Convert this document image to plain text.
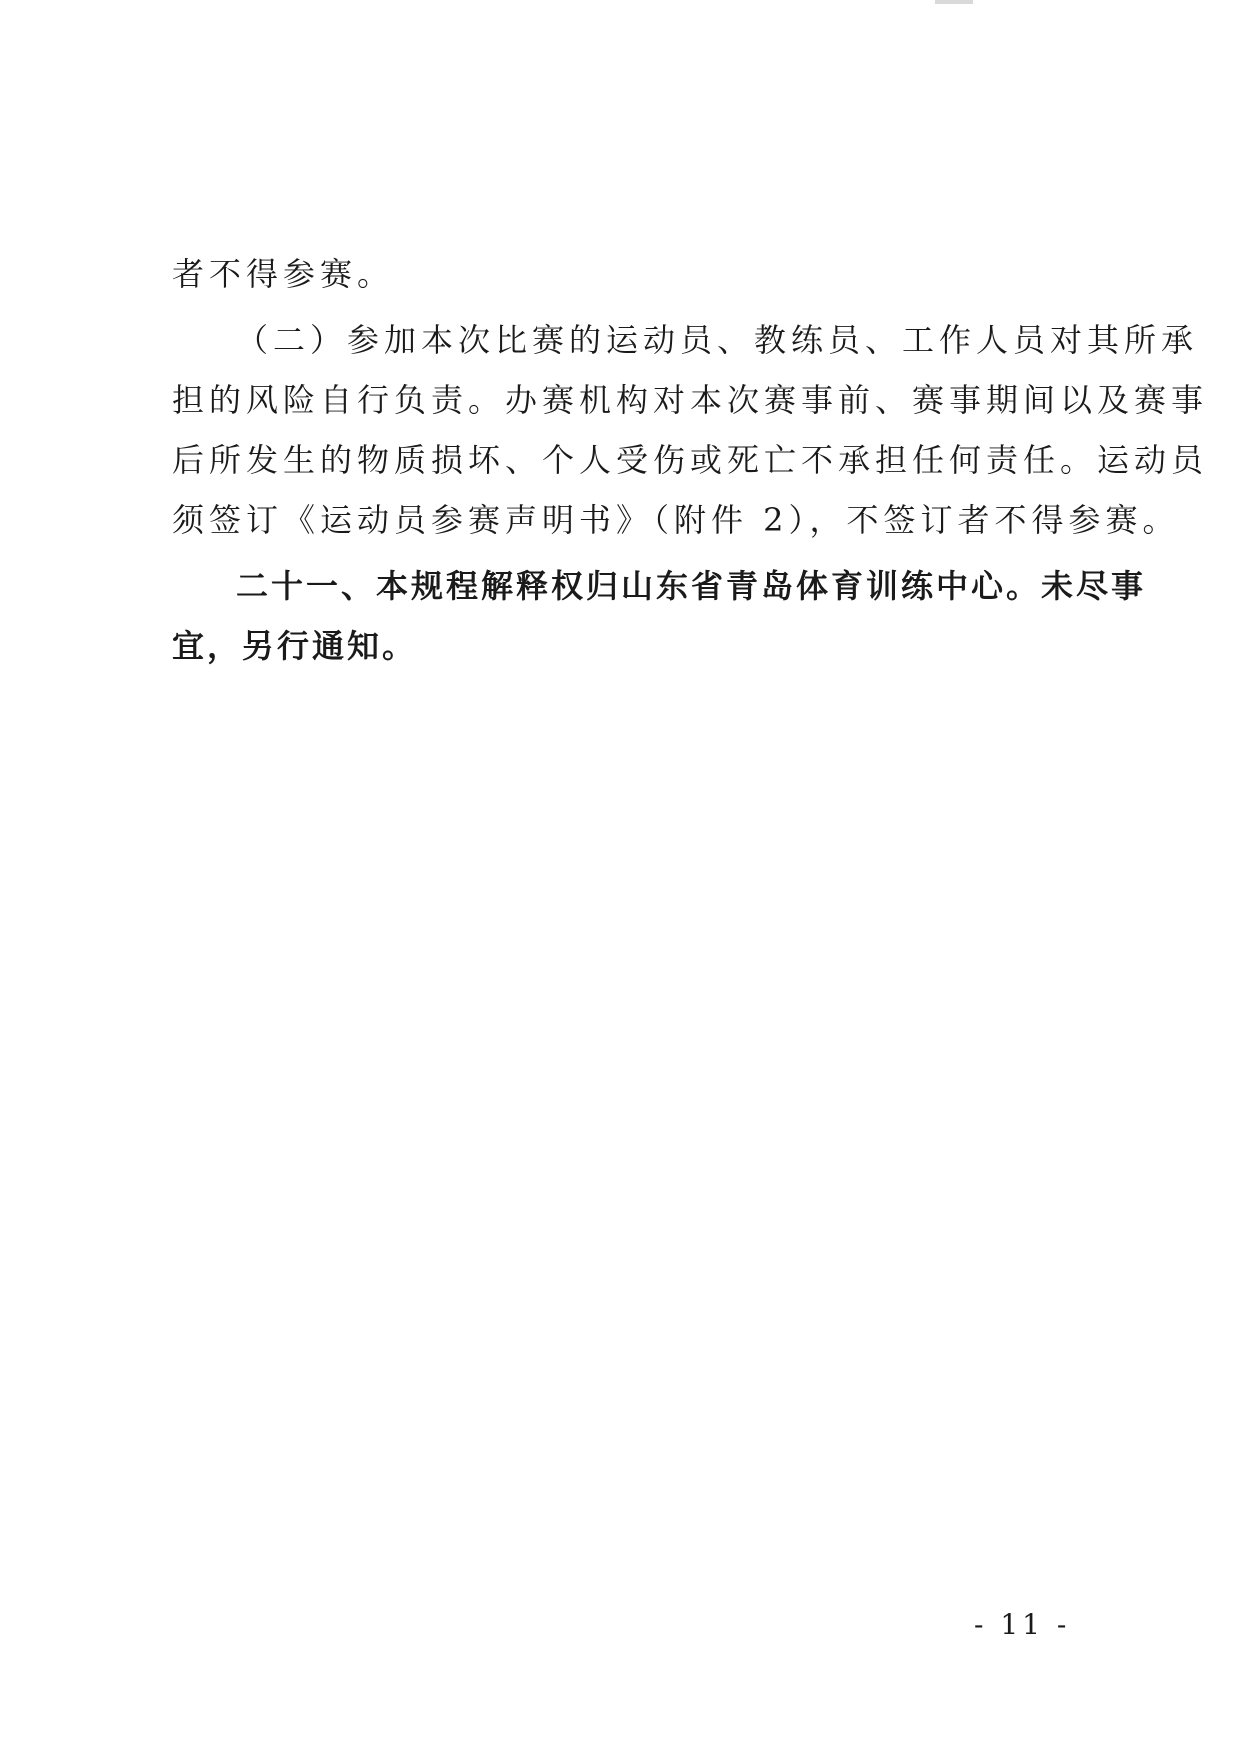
者不得参赛。

（二）参加本次比赛的运动员、教练员、工作人员对其所承

担的风险自行负责。办赛机构对本次赛事前、赛事期间以及赛事

后所发生的物质损坏、个人受伤或死亡不承担任何责任。运动员

须签订《运动员参赛声明书》（附件 2），不签订者不得参赛。

二十一、本规程解释权归山东省青岛体育训练中心。未尽事

宜，另行通知。

- 11 -
